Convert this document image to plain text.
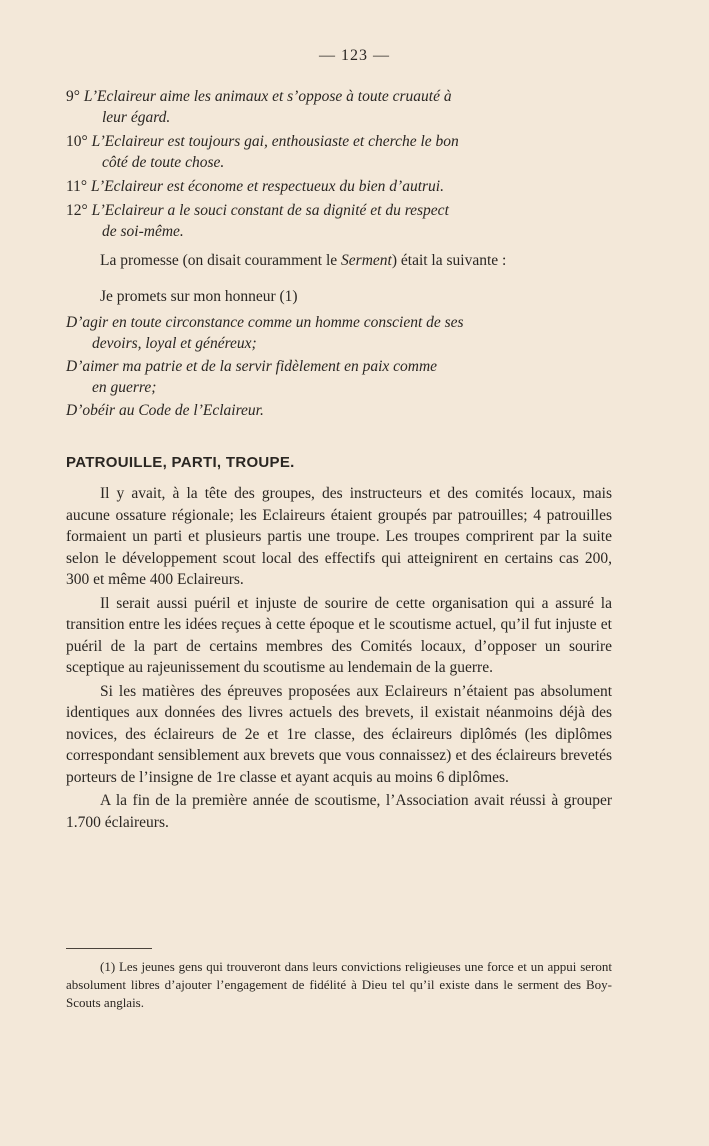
— 123 —

9° L’Eclaireur aime les animaux et s’oppose à toute cruauté à
leur égard.

10° L’Eclaireur est toujours gai, enthousiaste et cherche le bon
côté de toute chose.

11° L’Eclaireur est économe et respectueux du bien d’autrui.

12° L’Eclaireur a le souci constant de sa dignité et du respect
de soi-même.

La promesse (on disait couramment le Serment) était la suivante :

Je promets sur mon honneur (1)

D’agir en toute circonstance comme un homme conscient de ses
devoirs, loyal et généreux;

D’aimer ma patrie et de la servir fidèlement en paix comme
en guerre;

D’obéir au Code de l’Eclaireur.

PATROUILLE, PARTI, TROUPE.

Il y avait, à la tête des groupes, des instructeurs et des comités locaux, mais aucune ossature régionale; les Eclaireurs étaient groupés par patrouilles; 4 patrouilles formaient un parti et plusieurs partis une troupe. Les troupes comprirent par la suite selon le développement scout local des effectifs qui atteignirent en certains cas 200, 300 et même 400 Eclaireurs.

Il serait aussi puéril et injuste de sourire de cette organisation qui a assuré la transition entre les idées reçues à cette époque et le scoutisme actuel, qu’il fut injuste et puéril de la part de certains membres des Comités locaux, d’opposer un sourire sceptique au rajeunissement du scoutisme au lendemain de la guerre.

Si les matières des épreuves proposées aux Eclaireurs n’étaient pas absolument identiques aux données des livres actuels des brevets, il existait néanmoins déjà des novices, des éclaireurs de 2e et 1re classe, des éclaireurs diplômés (les diplômes correspondant sensiblement aux brevets que vous connaissez) et des éclaireurs brevetés porteurs de l’insigne de 1re classe et ayant acquis au moins 6 diplômes.

A la fin de la première année de scoutisme, l’Association avait réussi à grouper 1.700 éclaireurs.

(1) Les jeunes gens qui trouveront dans leurs convictions religieuses une force et un appui seront absolument libres d’ajouter l’engagement de fidélité à Dieu tel qu’il existe dans le serment des Boy-Scouts anglais.
